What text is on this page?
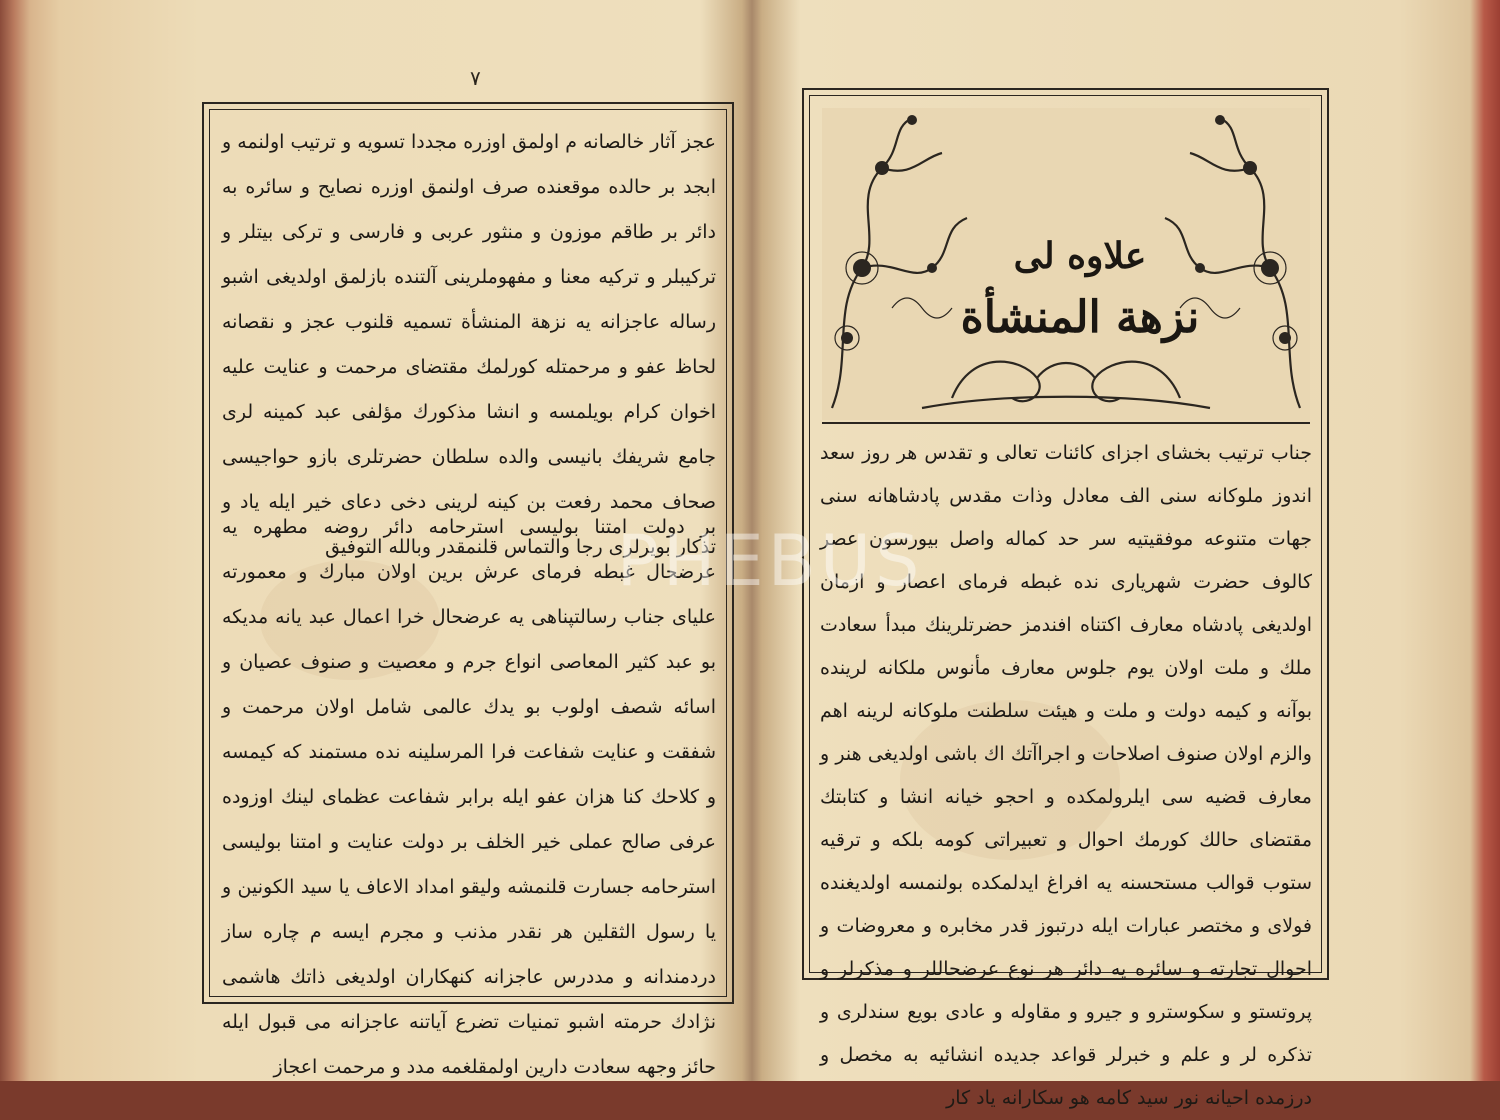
٧

عجز آثار خالصانه م اولمق اوزره مجددا تسویه و ترتیب اولنمه و ابجد بر حالده موقعنده صرف اولنمق اوزره نصایح و سائره به دائر بر طاقم موزون و منثور عربی و فارسی و ترکی بیتلر و ترکیبلر و ترکیه معنا و مفهوملرینی آلتنده بازلمق اولدیغی اشبو رساله عاجزانه یه نزهة المنشأة تسمیه قلنوب عجز و نقصانه لحاظ عفو و مرحمتله کورلمك مقتضای مرحمت و عنایت علیه اخوان کرام بویلمسه و انشا مذکورك مؤلفی عبد کمینه لری جامع شریفك بانیسی والده سلطان حضرتلری بازو حواجیسی صحاف محمد رفعت بن کینه لرینی دخی دعای خیر ایله یاد و تذکار بویرلری رجا والتماس قلنمقدر وبالله التوفیق

بر دولت امتنا بولیسی استرحامه دائر روضه مطهره یه عرضحال غبطه فرمای عرش برین اولان مبارك و معمورته علیای جناب رسالتپناهی یه عرضحال خرا اعمال عبد یانه مدیکه بو عبد کثیر المعاصی انواع جرم و معصیت و صنوف عصیان و اسائه شصف اولوب بو یدك عالمی شامل اولان مرحمت و شفقت و عنایت شفاعت فرا المرسلینه نده مستمند که کیمسه و کلاحك کنا هزان عفو ایله برابر شفاعت عظمای لینك اوزوده عرفی صالح عملی خیر الخلف بر دولت عنایت و امتنا بولیسی استرحامه جسارت قلنمشه ولیقو امداد الاعاف یا سید الکونین و یا رسول الثقلین هر نقدر مذنب و مجرم ایسه م چاره ساز دردمندانه و مددرس عاجزانه کنهکاران اولدیغی ذاتك هاشمی نژادك حرمته اشبو تمنیات تضرع آیاتنه عاجزانه می قبول ایله حائز وجهه سعادت دارین اولمقلغمه مدد و مرحمت اعجاز

علاوه لی
نزهة المنشأة

جناب ترتیب بخشای اجزای کائنات تعالی و تقدس هر روز سعد اندوز ملوکانه سنی الف معادل وذات مقدس پادشاهانه سنی جهات متنوعه موفقیتیه سر حد کماله واصل بیورسون عصر کالوف حضرت شهریاری نده غبطه فرمای اعصار و ازمان اولدیغی پادشاه معارف اکتناه افندمز حضرتلرینك مبدأ سعادت ملك و ملت اولان یوم جلوس معارف مأنوس ملکانه لرینده بوآنه و کیمه دولت و ملت و هیئت سلطنت ملوکانه لرینه اهم والزم اولان صنوف اصلاحات و اجراآتك اك باشی اولدیغی هنر و معارف قضیه سی ایلرولمکده و احجو خیانه انشا و کتابتك مقتضای حالك کورمك احوال و تعبیراتی کومه بلکه و ترقیه ستوب قوالب مستحسنه یه افراغ ایدلمکده بولنمسه اولدیغنده فولای و مختصر عبارات ایله درتبوز قدر مخابره و معروضات و احوال تجارته و سائره یه دائر هر نوع عرضحاللر و مذکرلر و پروتستو و سکوسترو و جیرو و مقاوله و عادی بویع سندلری و تذکره لر و علم و خبرلر قواعد جدیده انشائیه به مخصل و درزمده احیانه نور سید کامه هو سکارانه یاد کار

PHEBUS
